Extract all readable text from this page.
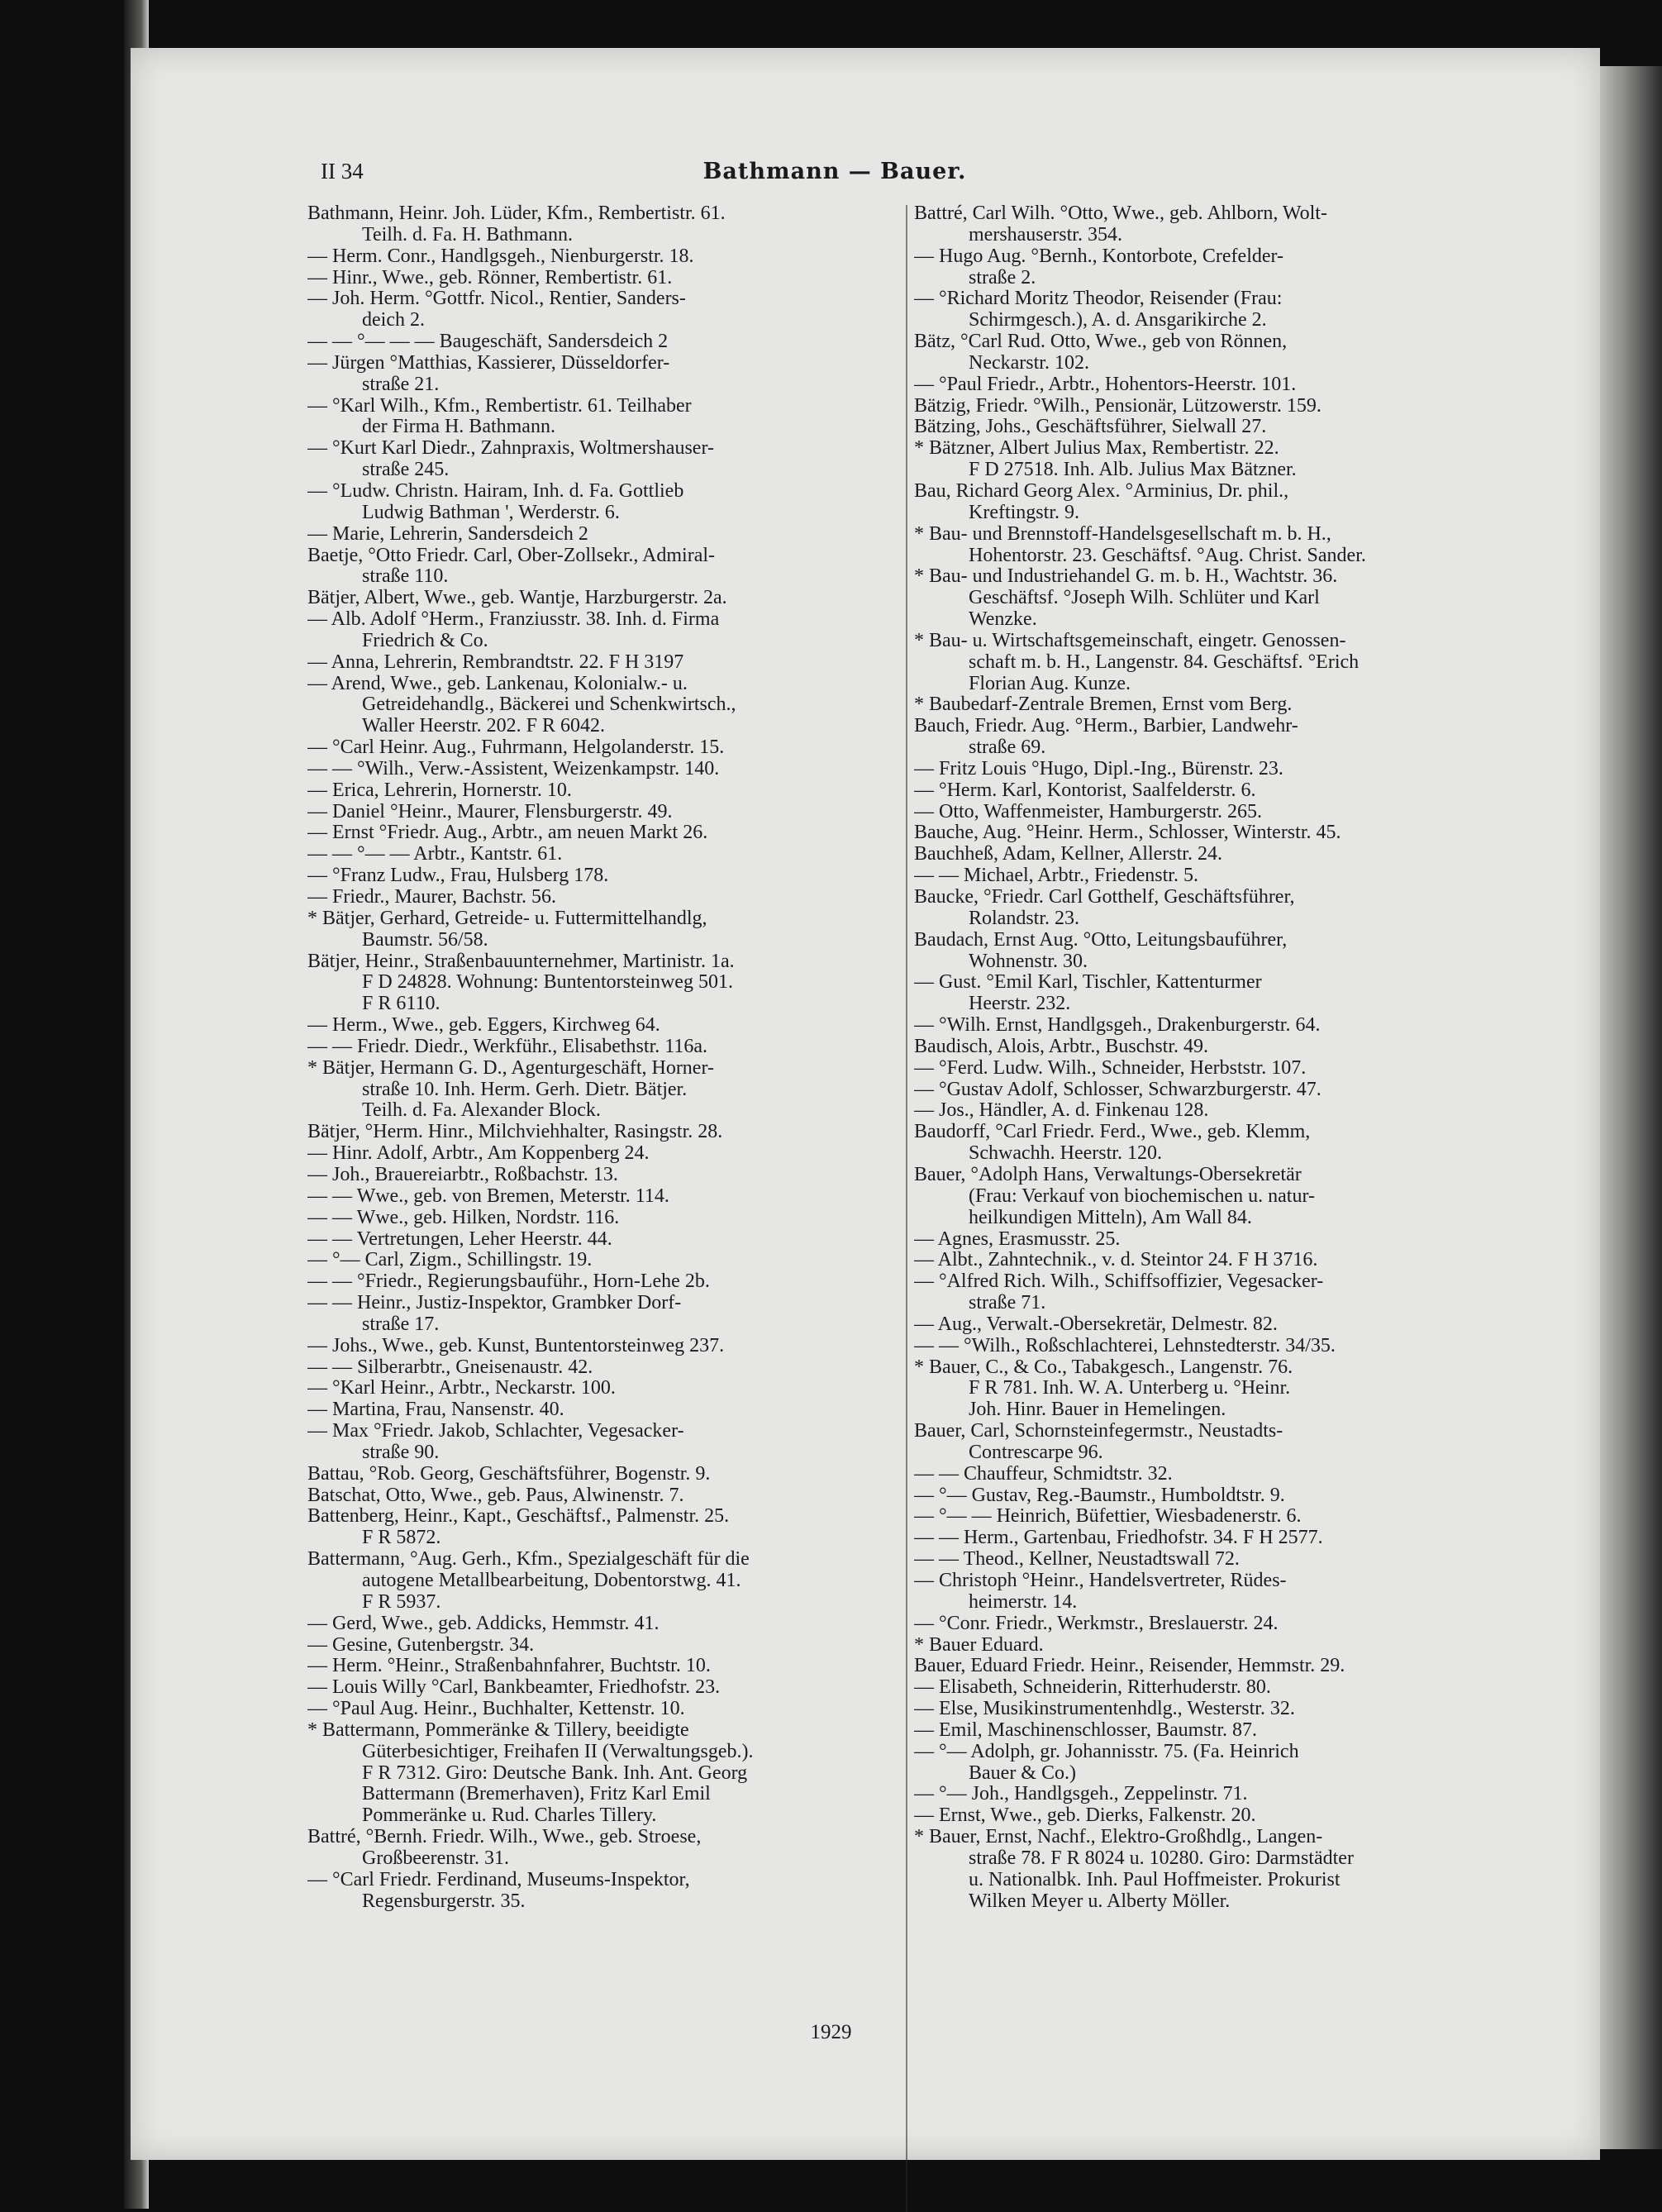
II 34	Bathmann — Bauer.

Bathmann, Heinr. Joh. Lüder, Kfm., Rembertistr. 61.

Teilh. d. Fa. H. Bathmann.

— Herm. Conr., Handlgsgeh., Nienburgerstr. 18.

— Hinr., Wwe., geb. Rönner, Rembertistr. 61.

— Joh. Herm. °Gottfr. Nicol., Rentier, Sanders-

deich 2.

— — °— — — Baugeschäft, Sandersdeich 2

— Jürgen °Matthias, Kassierer, Düsseldorfer-

straße 21.

— °Karl Wilh., Kfm., Rembertistr. 61. Teilhaber

der Firma H. Bathmann.

— °Kurt Karl Diedr., Zahnpraxis, Woltmershauser-

straße 245.

— °Ludw. Christn. Hairam, Inh. d. Fa. Gottlieb

Ludwig Bathman ', Werderstr. 6.

— Marie, Lehrerin, Sandersdeich 2

Baetje, °Otto Friedr. Carl, Ober-Zollsekr., Admiral-

straße 110.

Bätjer, Albert, Wwe., geb. Wantje, Harzburgerstr. 2a.

— Alb. Adolf °Herm., Franziusstr. 38. Inh. d. Firma

Friedrich & Co.

— Anna, Lehrerin, Rembrandtstr. 22. F H 3197

— Arend, Wwe., geb. Lankenau, Kolonialw.- u.

Getreidehandlg., Bäckerei und Schenkwirtsch.,

Waller Heerstr. 202. F R 6042.

— °Carl Heinr. Aug., Fuhrmann, Helgolanderstr. 15.

— — °Wilh., Verw.-Assistent, Weizenkampstr. 140.

— Erica, Lehrerin, Hornerstr. 10.

— Daniel °Heinr., Maurer, Flensburgerstr. 49.

— Ernst °Friedr. Aug., Arbtr., am neuen Markt 26.

— — °— — Arbtr., Kantstr. 61.

— °Franz Ludw., Frau, Hulsberg 178.

— Friedr., Maurer, Bachstr. 56.

* Bätjer, Gerhard, Getreide- u. Futtermittelhandlg,

Baumstr. 56/58.

Bätjer, Heinr., Straßenbauunternehmer, Martinistr. 1a.

F D 24828. Wohnung: Buntentorsteinweg 501.

F R 6110.

— Herm., Wwe., geb. Eggers, Kirchweg 64.

— — Friedr. Diedr., Werkführ., Elisabethstr. 116a.

* Bätjer, Hermann G. D., Agenturgeschäft, Horner-

straße 10. Inh. Herm. Gerh. Dietr. Bätjer.

Teilh. d. Fa. Alexander Block.

Bätjer, °Herm. Hinr., Milchviehhalter, Rasingstr. 28.

— Hinr. Adolf, Arbtr., Am Koppenberg 24.

— Joh., Brauereiarbtr., Roßbachstr. 13.

— — Wwe., geb. von Bremen, Meterstr. 114.

— — Wwe., geb. Hilken, Nordstr. 116.

— — Vertretungen, Leher Heerstr. 44.

— °— Carl, Zigm., Schillingstr. 19.

— — °Friedr., Regierungsbauführ., Horn-Lehe 2b.

— — Heinr., Justiz-Inspektor, Grambker Dorf-

straße 17.

— Johs., Wwe., geb. Kunst, Buntentorsteinweg 237.

— — Silberarbtr., Gneisenaustr. 42.

— °Karl Heinr., Arbtr., Neckarstr. 100.

— Martina, Frau, Nansenstr. 40.

— Max °Friedr. Jakob, Schlachter, Vegesacker-

straße 90.

Battau, °Rob. Georg, Geschäftsführer, Bogenstr. 9.

Batschat, Otto, Wwe., geb. Paus, Alwinenstr. 7.

Battenberg, Heinr., Kapt., Geschäftsf., Palmenstr. 25.

F R 5872.

Battermann, °Aug. Gerh., Kfm., Spezialgeschäft für die

autogene Metallbearbeitung, Dobentorstwg. 41.

F R 5937.

— Gerd, Wwe., geb. Addicks, Hemmstr. 41.

— Gesine, Gutenbergstr. 34.

— Herm. °Heinr., Straßenbahnfahrer, Buchtstr. 10.

— Louis Willy °Carl, Bankbeamter, Friedhofstr. 23.

— °Paul Aug. Heinr., Buchhalter, Kettenstr. 10.

* Battermann, Pommeränke & Tillery, beeidigte

Güterbesichtiger, Freihafen II (Verwaltungsgeb.).

F R 7312. Giro: Deutsche Bank. Inh. Ant. Georg

Battermann (Bremerhaven), Fritz Karl Emil

Pommeränke u. Rud. Charles Tillery.

Battré, °Bernh. Friedr. Wilh., Wwe., geb. Stroese,

Großbeerenstr. 31.

— °Carl Friedr. Ferdinand, Museums-Inspektor,

Regensburgerstr. 35.

Battré, Carl Wilh. °Otto, Wwe., geb. Ahlborn, Wolt-

mershauserstr. 354.

— Hugo Aug. °Bernh., Kontorbote, Crefelder-

straße 2.

— °Richard Moritz Theodor, Reisender (Frau:

Schirmgesch.), A. d. Ansgarikirche 2.

Bätz, °Carl Rud. Otto, Wwe., geb von Rönnen,

Neckarstr. 102.

— °Paul Friedr., Arbtr., Hohentors-Heerstr. 101.

Bätzig, Friedr. °Wilh., Pensionär, Lützowerstr. 159.

Bätzing, Johs., Geschäftsführer, Sielwall 27.

* Bätzner, Albert Julius Max, Rembertistr. 22.

F D 27518. Inh. Alb. Julius Max Bätzner.

Bau, Richard Georg Alex. °Arminius, Dr. phil.,

Kreftingstr. 9.

* Bau- und Brennstoff-Handelsgesellschaft m. b. H.,

Hohentorstr. 23. Geschäftsf. °Aug. Christ. Sander.

* Bau- und Industriehandel G. m. b. H., Wachtstr. 36.

Geschäftsf. °Joseph Wilh. Schlüter und Karl

Wenzke.

* Bau- u. Wirtschaftsgemeinschaft, eingetr. Genossen-

schaft m. b. H., Langenstr. 84. Geschäftsf. °Erich

Florian Aug. Kunze.

* Baubedarf-Zentrale Bremen, Ernst vom Berg.

Bauch, Friedr. Aug. °Herm., Barbier, Landwehr-

straße 69.

— Fritz Louis °Hugo, Dipl.-Ing., Bürenstr. 23.

— °Herm. Karl, Kontorist, Saalfelderstr. 6.

— Otto, Waffenmeister, Hamburgerstr. 265.

Bauche, Aug. °Heinr. Herm., Schlosser, Winterstr. 45.

Bauchheß, Adam, Kellner, Allerstr. 24.

— — Michael, Arbtr., Friedenstr. 5.

Baucke, °Friedr. Carl Gotthelf, Geschäftsführer,

Rolandstr. 23.

Baudach, Ernst Aug. °Otto, Leitungsbauführer,

Wohnenstr. 30.

— Gust. °Emil Karl, Tischler, Kattenturmer

Heerstr. 232.

— °Wilh. Ernst, Handlgsgeh., Drakenburgerstr. 64.

Baudisch, Alois, Arbtr., Buschstr. 49.

— °Ferd. Ludw. Wilh., Schneider, Herbststr. 107.

— °Gustav Adolf, Schlosser, Schwarzburgerstr. 47.

— Jos., Händler, A. d. Finkenau 128.

Baudorff, °Carl Friedr. Ferd., Wwe., geb. Klemm,

Schwachh. Heerstr. 120.

Bauer, °Adolph Hans, Verwaltungs-Obersekretär

(Frau: Verkauf von biochemischen u. natur-

heilkundigen Mitteln), Am Wall 84.

— Agnes, Erasmusstr. 25.

— Albt., Zahntechnik., v. d. Steintor 24. F H 3716.

— °Alfred Rich. Wilh., Schiffsoffizier, Vegesacker-

straße 71.

— Aug., Verwalt.-Obersekretär, Delmestr. 82.

— — °Wilh., Roßschlachterei, Lehnstedterstr. 34/35.

* Bauer, C., & Co., Tabakgesch., Langenstr. 76.

F R 781. Inh. W. A. Unterberg u. °Heinr.

Joh. Hinr. Bauer in Hemelingen.

Bauer, Carl, Schornsteinfegermstr., Neustadts-

Contrescarpe 96.

— — Chauffeur, Schmidtstr. 32.

— °— Gustav, Reg.-Baumstr., Humboldtstr. 9.

— °— — Heinrich, Büfettier, Wiesbadenerstr. 6.

— — Herm., Gartenbau, Friedhofstr. 34. F H 2577.

— — Theod., Kellner, Neustadtswall 72.

— Christoph °Heinr., Handelsvertreter, Rüdes-

heimerstr. 14.

— °Conr. Friedr., Werkmstr., Breslauerstr. 24.

* Bauer Eduard.

Bauer, Eduard Friedr. Heinr., Reisender, Hemmstr. 29.

— Elisabeth, Schneiderin, Ritterhuderstr. 80.

— Else, Musikinstrumentenhdlg., Westerstr. 32.

— Emil, Maschinenschlosser, Baumstr. 87.

— °— Adolph, gr. Johannisstr. 75. (Fa. Heinrich

Bauer & Co.)

— °— Joh., Handlgsgeh., Zeppelinstr. 71.

— Ernst, Wwe., geb. Dierks, Falkenstr. 20.

* Bauer, Ernst, Nachf., Elektro-Großhdlg., Langen-

straße 78. F R 8024 u. 10280. Giro: Darmstädter

u. Nationalbk. Inh. Paul Hoffmeister. Prokurist

Wilken Meyer u. Alberty Möller.

1929
